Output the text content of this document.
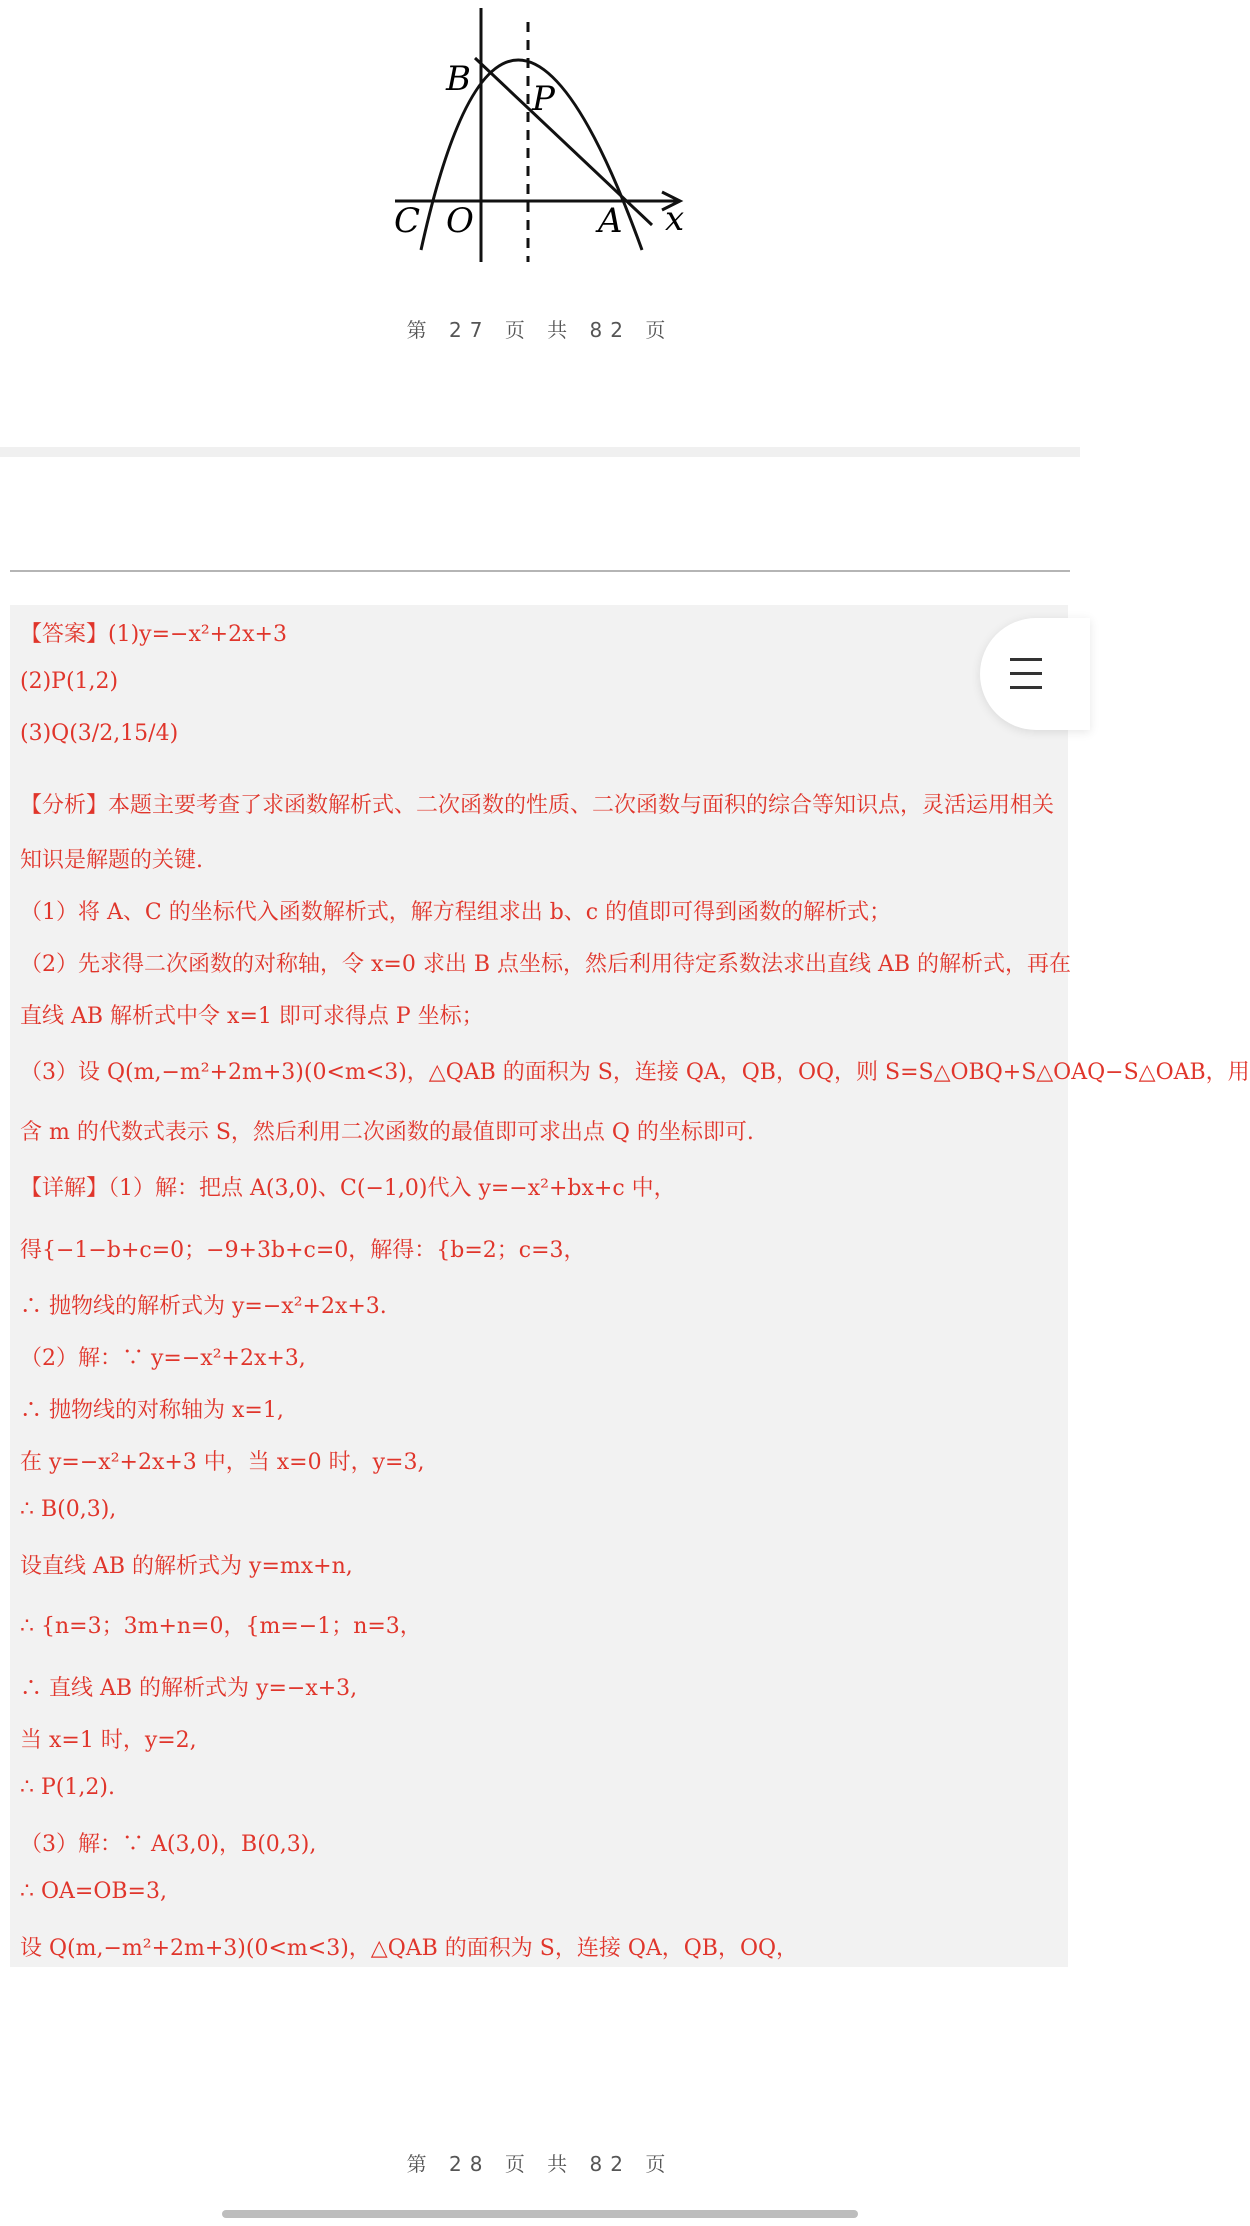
B P
C O	A x
第 27 页 共 82 页
【答案】(1)y=−x²+2x+3
(2)P(1,2)
(3)Q(3/2,15/4)
【分析】本题主要考查了求函数解析式、二次函数的性质、二次函数与面积的综合等知识点，灵活运用相关
知识是解题的关键.
（1）将 A、C 的坐标代入函数解析式，解方程组求出 b、c 的值即可得到函数的解析式；
（2）先求得二次函数的对称轴，令 x=0 求出 B 点坐标，然后利用待定系数法求出直线 AB 的解析式，再在
直线 AB 解析式中令 x=1 即可求得点 P 坐标；
（3）设 Q(m,−m²+2m+3)(0<m<3)，△QAB 的面积为 S，连接 QA，QB，OQ，则 S=S△OBQ+S△OAQ−S△OAB，用
含 m 的代数式表示 S，然后利用二次函数的最值即可求出点 Q 的坐标即可.
【详解】（1）解：把点 A(3,0)、C(−1,0)代入 y=−x²+bx+c 中，
得{−1−b+c=0；−9+3b+c=0，解得：{b=2；c=3，
∴ 抛物线的解析式为 y=−x²+2x+3.
（2）解：∵ y=−x²+2x+3,
∴ 抛物线的对称轴为 x=1,
在 y=−x²+2x+3 中，当 x=0 时，y=3,
∴ B(0,3),
设直线 AB 的解析式为 y=mx+n,
∴ {n=3；3m+n=0，{m=−1；n=3，
∴ 直线 AB 的解析式为 y=−x+3,
当 x=1 时，y=2,
∴ P(1,2).
（3）解：∵ A(3,0)，B(0,3),
∴ OA=OB=3,
设 Q(m,−m²+2m+3)(0<m<3)，△QAB 的面积为 S，连接 QA，QB，OQ，
第 28 页 共 82 页
